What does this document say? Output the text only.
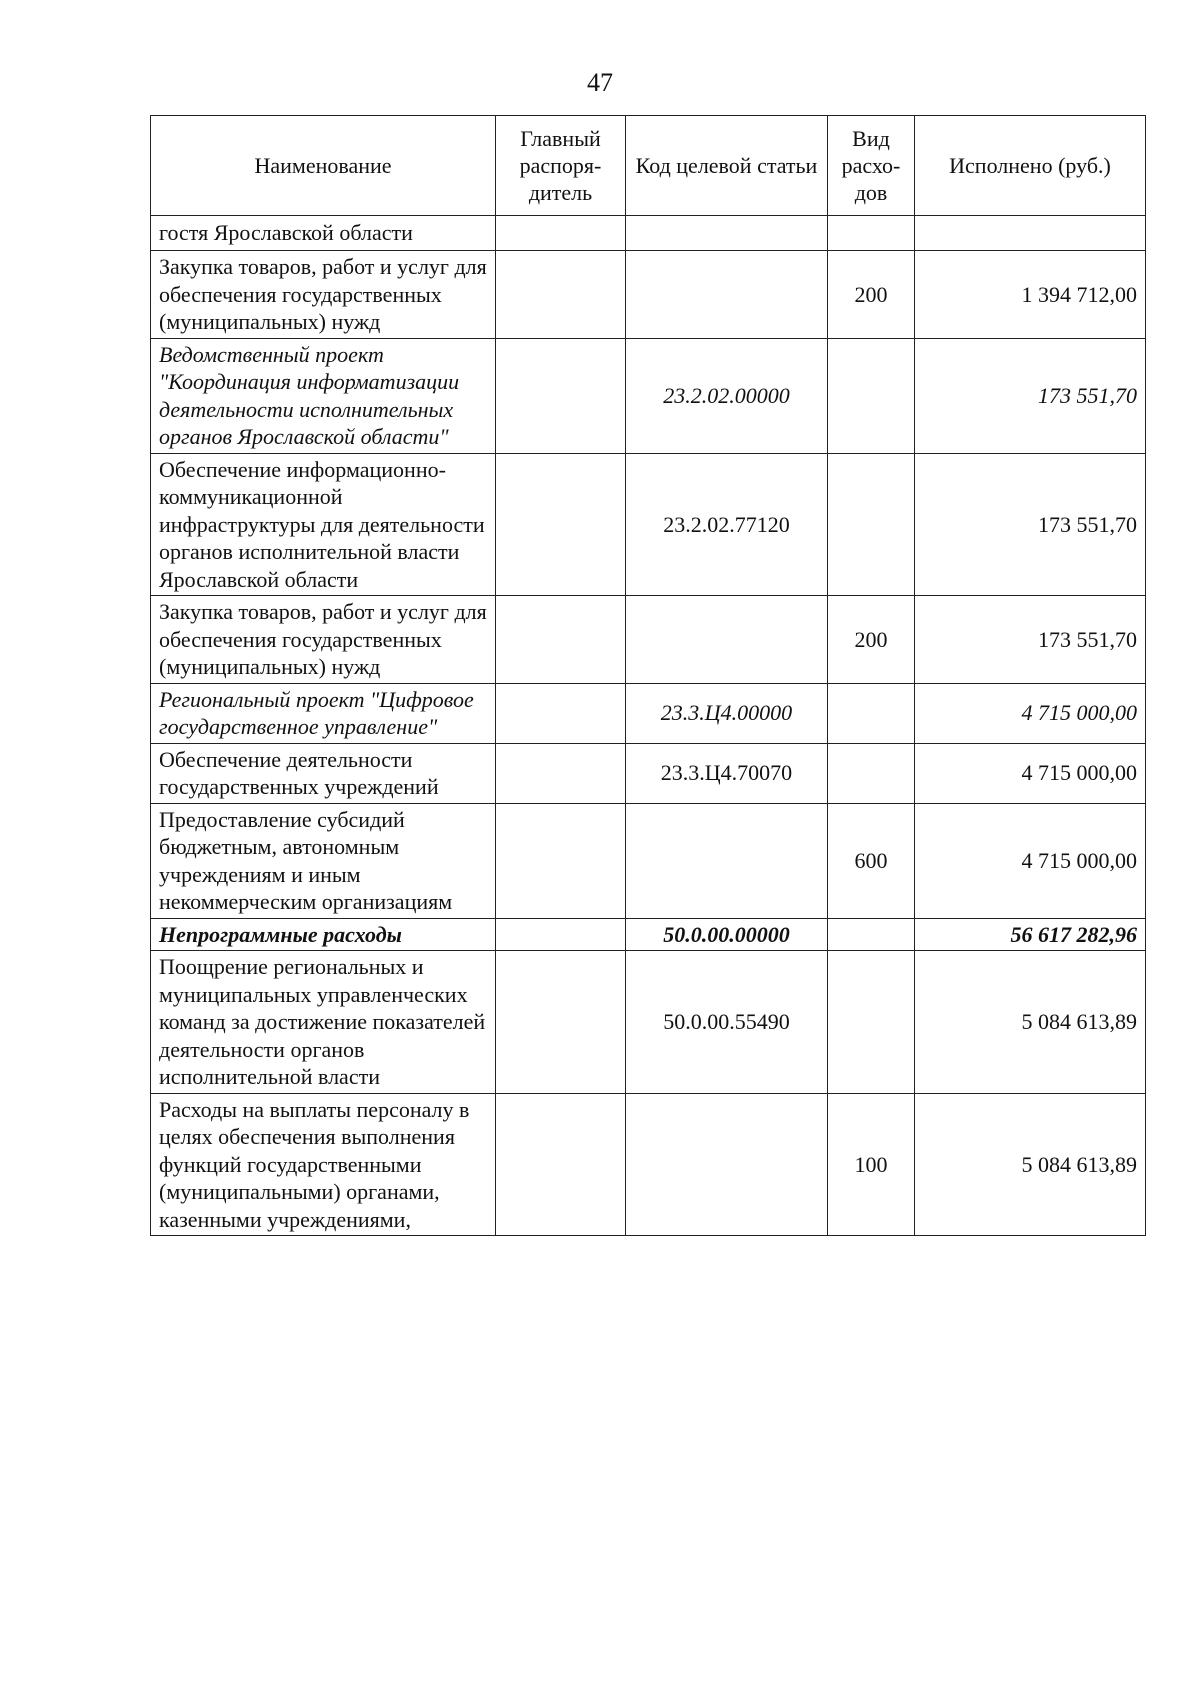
47
Наименование	Главный распоря-дитель	Код целевой статьи	Вид расхо-дов	Исполнено (руб.)
гостя Ярославской области				
Закупка товаров, работ и услуг для обеспечения государственных (муниципальных) нужд			200	1 394 712,00
Ведомственный проект "Координация информатизации деятельности исполнительных органов Ярославской области"		23.2.02.00000		173 551,70
Обеспечение информационно-коммуникационной инфраструктуры для деятельности органов исполнительной власти Ярославской области		23.2.02.77120		173 551,70
Закупка товаров, работ и услуг для обеспечения государственных (муниципальных) нужд			200	173 551,70
Региональный проект "Цифровое государственное управление"		23.3.Ц4.00000		4 715 000,00
Обеспечение деятельности государственных учреждений		23.3.Ц4.70070		4 715 000,00
Предоставление субсидий бюджетным, автономным учреждениям и иным некоммерческим организациям			600	4 715 000,00
Непрограммные расходы		50.0.00.00000		56 617 282,96
Поощрение региональных и муниципальных управленческих команд за достижение показателей деятельности органов исполнительной власти		50.0.00.55490		5 084 613,89
Расходы на выплаты персоналу в целях обеспечения выполнения функций государственными (муниципальными) органами, казенными учреждениями,			100	5 084 613,89
